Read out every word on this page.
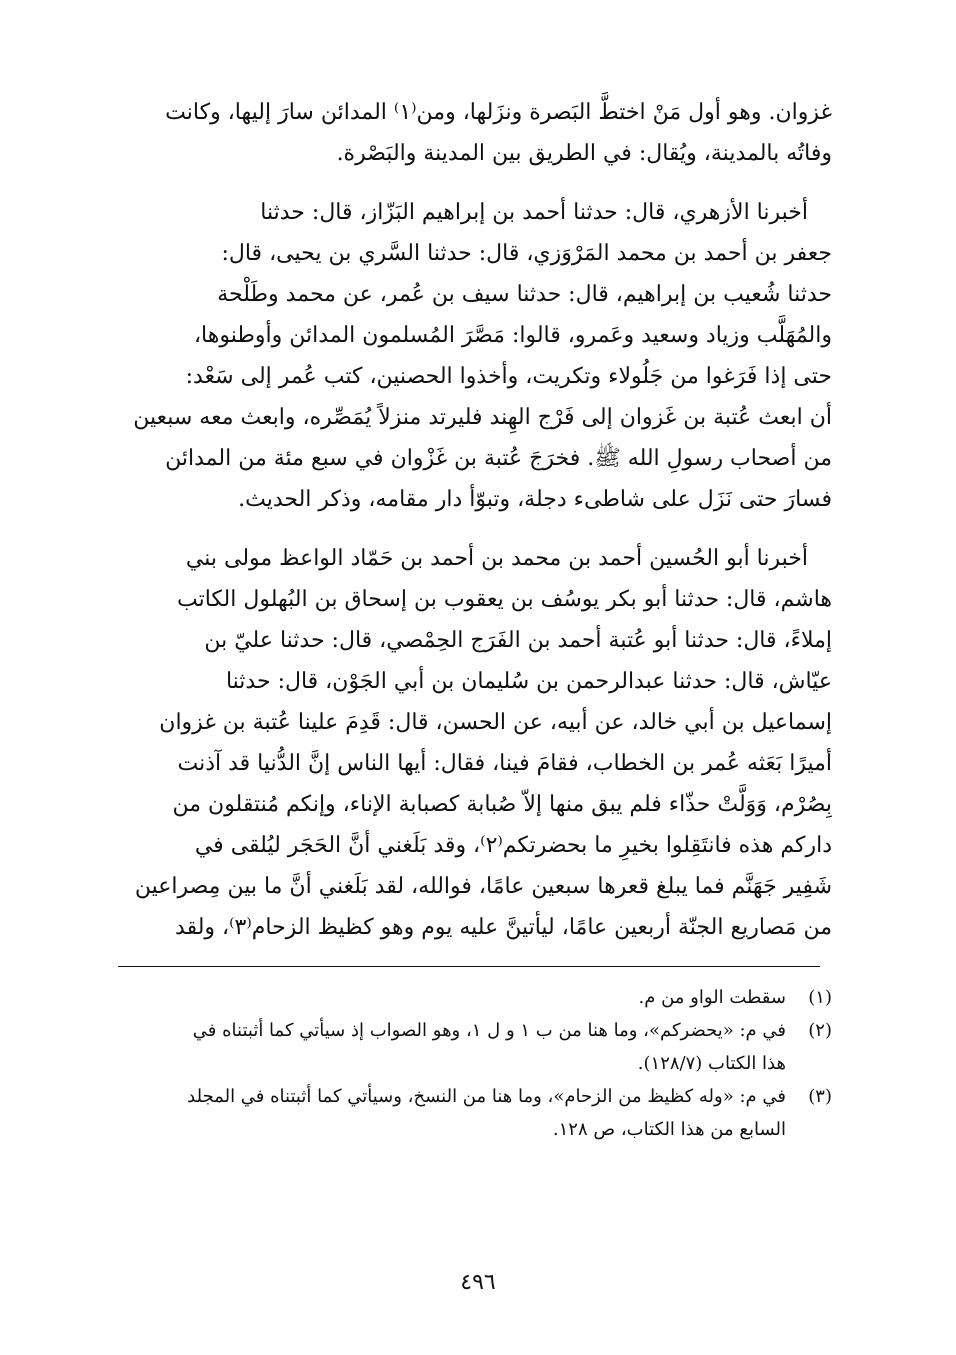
غزوان. وهو أول مَنْ اختطَّ البَصرة ونزَلها، ومن⁽١⁾ المدائن سارَ إليها، وكانت
وفاتُه بالمدينة، ويُقال: في الطريق بين المدينة والبَصْرة.
أخبرنا الأزهري، قال: حدثنا أحمد بن إبراهيم البَزّاز، قال: حدثنا
جعفر بن أحمد بن محمد المَرْوَزي، قال: حدثنا السَّري بن يحيى، قال:
حدثنا شُعيب بن إبراهيم، قال: حدثنا سيف بن عُمر، عن محمد وطَلْحة
والمُهَلَّب وزياد وسعيد وعَمرو، قالوا: مَصَّرَ المُسلمون المدائن وأوطنوها،
حتى إذا فَرَغوا من جَلُولاء وتكريت، وأخذوا الحصنين، كتب عُمر إلى سَعْد:
أن ابعث عُتبة بن غَزوان إلى فَرْج الهِند فليرتد منزلاً يُمَصِّره، وابعث معه سبعين
من أصحاب رسولِ الله ﷺ. فخرَجَ عُتبة بن غَزْوان في سبع مئة من المدائن
فسارَ حتى نَزَل على شاطىء دجلة، وتبوّأ دار مقامه، وذكر الحديث.
أخبرنا أبو الحُسين أحمد بن محمد بن أحمد بن حَمّاد الواعظ مولى بني
هاشم، قال: حدثنا أبو بكر يوسُف بن يعقوب بن إسحاق بن البُهلول الكاتب
إملاءً، قال: حدثنا أبو عُتبة أحمد بن الفَرَج الحِمْصي، قال: حدثنا عليّ بن
عيّاش، قال: حدثنا عبدالرحمن بن سُليمان بن أبي الجَوْن، قال: حدثنا
إسماعيل بن أبي خالد، عن أبيه، عن الحسن، قال: قَدِمَ علينا عُتبة بن غزوان
أميرًا بَعَثه عُمر بن الخطاب، فقامَ فينا، فقال: أيها الناس إنَّ الدُّنيا قد آذنت
بِصُرْم، وَوَلَّتْ حذّاء فلم يبق منها إلاّ صُبابة كصبابة الإناء، وإنكم مُنتقلون من
داركم هذه فانتَقِلوا بخيرِ ما بحضرتكم⁽٢⁾، وقد بَلَغني أنَّ الحَجَر ليُلقى في
شَفِير جَهَنَّم فما يبلغ قعرها سبعين عامًا، فوالله، لقد بَلَغني أنَّ ما بين مِصراعين
من مَصاريع الجنّة أربعين عامًا، ليأتينَّ عليه يوم وهو كظيظ الزحام⁽٣⁾، ولقد
(١)
سقطت الواو من م.
(٢)
في م: «يحضركم»، وما هنا من ب ١ و ل ١، وهو الصواب إذ سيأتي كما أثبتناه في
هذا الكتاب (١٢٨/٧).
(٣)
في م: «وله كظيظ من الزحام»، وما هنا من النسخ، وسيأتي كما أثبتناه في المجلد
السابع من هذا الكتاب، ص ١٢٨.
٤٩٦
